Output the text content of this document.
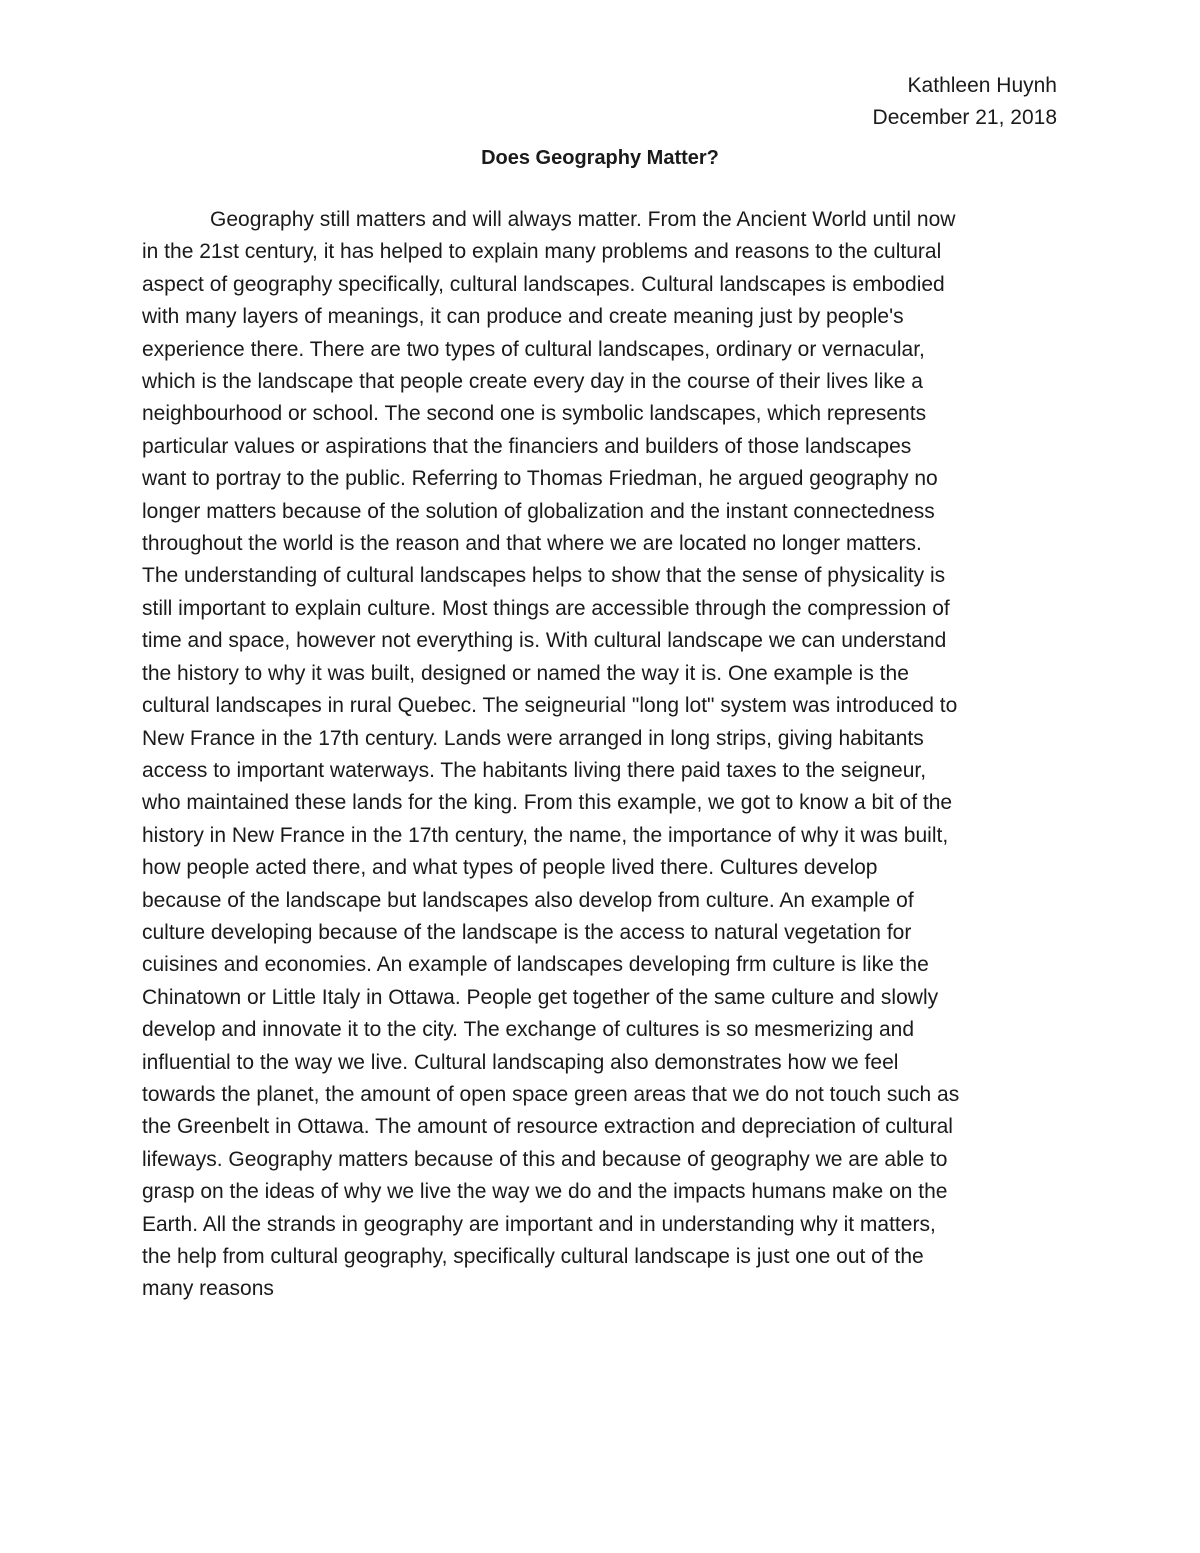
Kathleen Huynh
December 21, 2018
Does Geography Matter?
Geography still matters and will always matter. From the Ancient World until now
in the 21st century, it has helped to explain many problems and reasons to the cultural
aspect of geography specifically, cultural landscapes. Cultural landscapes is embodied
with many layers of meanings, it can produce and create meaning just by people's
experience there. There are two types of cultural landscapes, ordinary or vernacular,
which is the landscape that people create every day in the course of their lives like a
neighbourhood or school. The second one is symbolic landscapes, which represents
particular values or aspirations that the financiers and builders of those landscapes
want to portray to the public. Referring to Thomas Friedman, he argued geography no
longer matters because of the solution of globalization and the instant connectedness
throughout the world is the reason and that where we are located no longer matters.
The understanding of cultural landscapes helps to show that the sense of physicality is
still important to explain culture. Most things are accessible through the compression of
time and space, however not everything is. With cultural landscape we can understand
the history to why it was built, designed or named the way it is. One example is the
cultural landscapes in rural Quebec. The seigneurial "long lot" system was introduced to
New France in the 17th century. Lands were arranged in long strips, giving habitants
access to important waterways. The habitants living there paid taxes to the seigneur,
who maintained these lands for the king. From this example, we got to know a bit of the
history in New France in the 17th century, the name, the importance of why it was built,
how people acted there, and what types of people lived there. Cultures develop
because of the landscape but landscapes also develop from culture. An example of
culture developing because of the landscape is the access to natural vegetation for
cuisines and economies. An example of landscapes developing frm culture is like the
Chinatown or Little Italy in Ottawa. People get together of the same culture and slowly
develop and innovate it to the city. The exchange of cultures is so mesmerizing and
influential to the way we live. Cultural landscaping also demonstrates how we feel
towards the planet, the amount of open space green areas that we do not touch such as
the Greenbelt in Ottawa. The amount of resource extraction and depreciation of cultural
lifeways. Geography matters because of this and because of geography we are able to
grasp on the ideas of why we live the way we do and the impacts humans make on the
Earth. All the strands in geography are important and in understanding why it matters,
the help from cultural geography, specifically cultural landscape is just one out of the
many reasons
